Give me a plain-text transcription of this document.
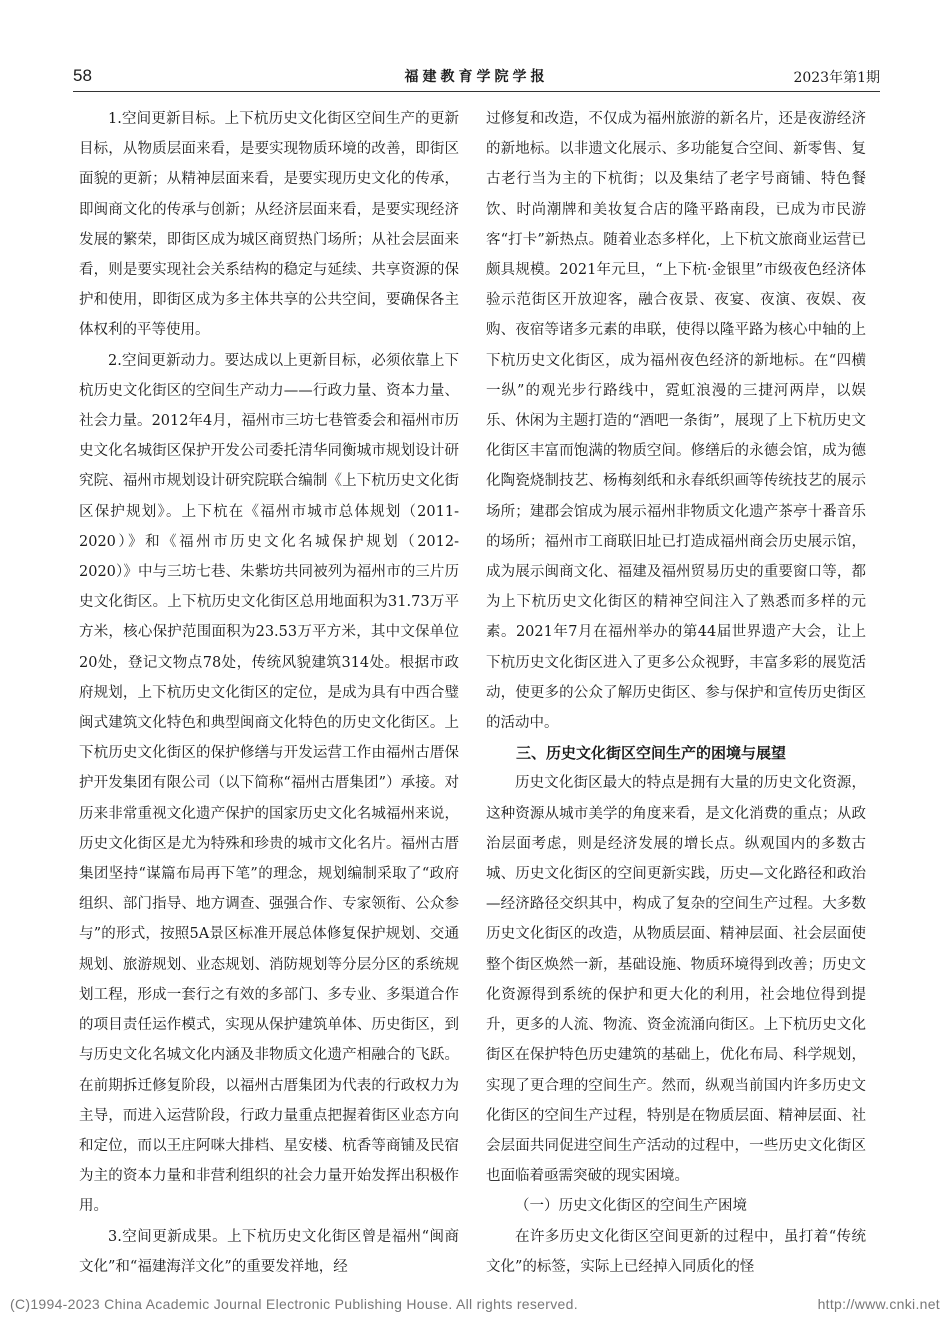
58	福建教育学院学报	2023年第1期

1.空间更新目标。上下杭历史文化街区空间生产的更新目标，从物质层面来看，是要实现物质环境的改善，即街区面貌的更新；从精神层面来看，是要实现历史文化的传承，即闽商文化的传承与创新；从经济层面来看，是要实现经济发展的繁荣，即街区成为城区商贸热门场所；从社会层面来看，则是要实现社会关系结构的稳定与延续、共享资源的保护和使用，即街区成为多主体共享的公共空间，要确保各主体权利的平等使用。

2.空间更新动力。要达成以上更新目标，必须依靠上下杭历史文化街区的空间生产动力——行政力量、资本力量、社会力量。2012年4月，福州市三坊七巷管委会和福州市历史文化名城街区保护开发公司委托清华同衡城市规划设计研究院、福州市规划设计研究院联合编制《上下杭历史文化街区保护规划》。上下杭在《福州市城市总体规划（2011-2020）》和《福州市历史文化名城保护规划（2012-2020）》中与三坊七巷、朱紫坊共同被列为福州市的三片历史文化街区。上下杭历史文化街区总用地面积为31.73万平方米，核心保护范围面积为23.53万平方米，其中文保单位20处，登记文物点78处，传统风貌建筑314处。根据市政府规划，上下杭历史文化街区的定位，是成为具有中西合璧闽式建筑文化特色和典型闽商文化特色的历史文化街区。上下杭历史文化街区的保护修缮与开发运营工作由福州古厝保护开发集团有限公司（以下简称“福州古厝集团”）承接。对历来非常重视文化遗产保护的国家历史文化名城福州来说，历史文化街区是尤为特殊和珍贵的城市文化名片。福州古厝集团坚持“谋篇布局再下笔”的理念，规划编制采取了“政府组织、部门指导、地方调查、强强合作、专家领衔、公众参与”的形式，按照5A景区标准开展总体修复保护规划、交通规划、旅游规划、业态规划、消防规划等分层分区的系统规划工程，形成一套行之有效的多部门、多专业、多渠道合作的项目责任运作模式，实现从保护建筑单体、历史街区，到与历史文化名城文化内涵及非物质文化遗产相融合的飞跃。在前期拆迁修复阶段，以福州古厝集团为代表的行政权力为主导，而进入运营阶段，行政力量重点把握着街区业态方向和定位，而以王庄阿咪大排档、星安楼、杭香等商铺及民宿为主的资本力量和非营利组织的社会力量开始发挥出积极作用。

3.空间更新成果。上下杭历史文化街区曾是福州“闽商文化”和“福建海洋文化”的重要发祥地，经

过修复和改造，不仅成为福州旅游的新名片，还是夜游经济的新地标。以非遗文化展示、多功能复合空间、新零售、复古老行当为主的下杭街；以及集结了老字号商铺、特色餐饮、时尚潮牌和美妆复合店的隆平路南段，已成为市民游客“打卡”新热点。随着业态多样化，上下杭文旅商业运营已颇具规模。2021年元旦，“上下杭·金银里”市级夜色经济体验示范街区开放迎客，融合夜景、夜宴、夜演、夜娱、夜购、夜宿等诸多元素的串联，使得以隆平路为核心中轴的上下杭历史文化街区，成为福州夜色经济的新地标。在“四横一纵”的观光步行路线中，霓虹浪漫的三捷河两岸，以娱乐、休闲为主题打造的“酒吧一条街”，展现了上下杭历史文化街区丰富而饱满的物质空间。修缮后的永德会馆，成为德化陶瓷烧制技艺、杨梅刻纸和永春纸织画等传统技艺的展示场所；建郡会馆成为展示福州非物质文化遗产茶亭十番音乐的场所；福州市工商联旧址已打造成福州商会历史展示馆，成为展示闽商文化、福建及福州贸易历史的重要窗口等，都为上下杭历史文化街区的精神空间注入了熟悉而多样的元素。2021年7月在福州举办的第44届世界遗产大会，让上下杭历史文化街区进入了更多公众视野，丰富多彩的展览活动，使更多的公众了解历史街区、参与保护和宣传历史街区的活动中。

三、历史文化街区空间生产的困境与展望

历史文化街区最大的特点是拥有大量的历史文化资源，这种资源从城市美学的角度来看，是文化消费的重点；从政治层面考虑，则是经济发展的增长点。纵观国内的多数古城、历史文化街区的空间更新实践，历史—文化路径和政治—经济路径交织其中，构成了复杂的空间生产过程。大多数历史文化街区的改造，从物质层面、精神层面、社会层面使整个街区焕然一新，基础设施、物质环境得到改善；历史文化资源得到系统的保护和更大化的利用，社会地位得到提升，更多的人流、物流、资金流涌向街区。上下杭历史文化街区在保护特色历史建筑的基础上，优化布局、科学规划，实现了更合理的空间生产。然而，纵观当前国内许多历史文化街区的空间生产过程，特别是在物质层面、精神层面、社会层面共同促进空间生产活动的过程中，一些历史文化街区也面临着亟需突破的现实困境。

（一）历史文化街区的空间生产困境

在许多历史文化街区空间更新的过程中，虽打着“传统文化”的标签，实际上已经掉入同质化的怪

(C)1994-2023 China Academic Journal Electronic Publishing House. All rights reserved.	http://www.cnki.net
